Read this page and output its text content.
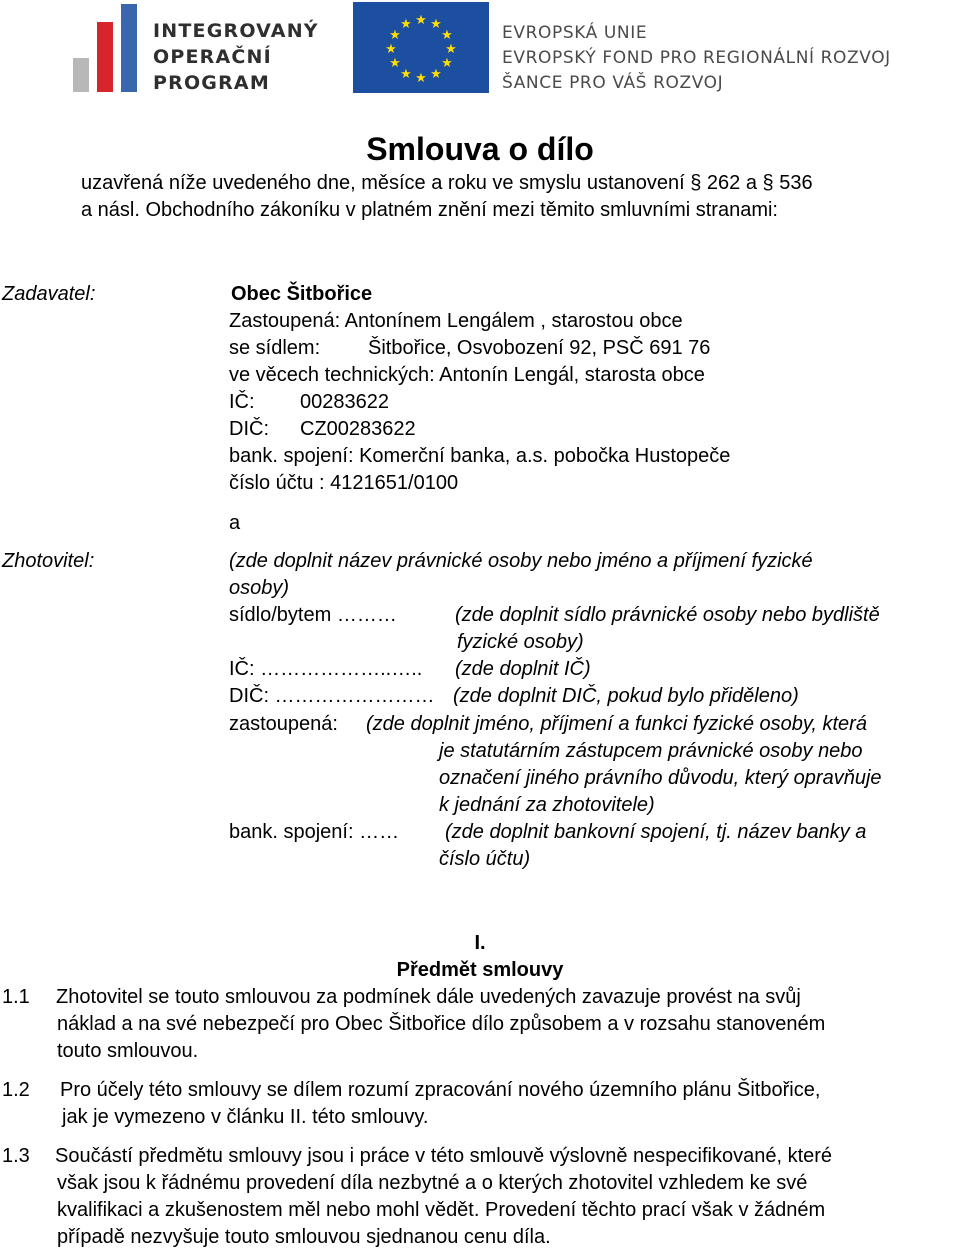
INTEGROVANÝ
OPERAČNÍ
PROGRAM
★ ★
★
★
★
★
★
★
★
★
★
★	EVROPSKÁ UNIE
EVROPSKÝ FOND PRO REGIONÁLNÍ ROZVOJ
ŠANCE PRO VÁŠ ROZVOJ
Smlouva o dílo
uzavřená níže uvedeného dne, měsíce a roku ve smyslu ustanovení § 262 a § 536
a násl. Obchodního zákoníku v platném znění mezi těmito smluvními stranami:
Zadavatel:	Obec Šitbořice
Zastoupená: Antonínem Lengálem , starostou obce
se sídlem: Šitbořice, Osvobození 92, PSČ 691 76
ve věcech technických: Antonín Lengál, starosta obce
IČ: 00283622
DIČ: CZ00283622
bank. spojení: Komerční banka, a.s. pobočka Hustopeče
číslo účtu : 4121651/0100
a
Zhotovitel:	(zde doplnit název právnické osoby nebo jméno a příjmení fyzické
osoby)
sídlo/bytem ………	(zde doplnit sídlo právnické osoby nebo bydliště
fyzické osoby)
IČ: ………………..….. (zde doplnit IČ)
DIČ: …………………… (zde doplnit DIČ, pokud bylo přiděleno)
zastoupená: (zde doplnit jméno, příjmení a funkci fyzické osoby, která
je statutárním zástupcem právnické osoby nebo
označení jiného právního důvodu, který opravňuje
k jednání za zhotovitele)
bank. spojení: …… (zde doplnit bankovní spojení, tj. název banky a
číslo účtu)
I.
Předmět smlouvy
1.1 Zhotovitel se touto smlouvou za podmínek dále uvedených zavazuje provést na svůj
náklad a na své nebezpečí pro Obec Šitbořice dílo způsobem a v rozsahu stanoveném
touto smlouvou.
1.2 Pro účely této smlouvy se dílem rozumí zpracování nového územního plánu Šitbořice,
jak je vymezeno v článku II. této smlouvy.
1.3 Součástí předmětu smlouvy jsou i práce v této smlouvě výslovně nespecifikované, které
však jsou k řádnému provedení díla nezbytné a o kterých zhotovitel vzhledem ke své
kvalifikaci a zkušenostem měl nebo mohl vědět. Provedení těchto prací však v žádném
případě nezvyšuje touto smlouvou sjednanou cenu díla.
